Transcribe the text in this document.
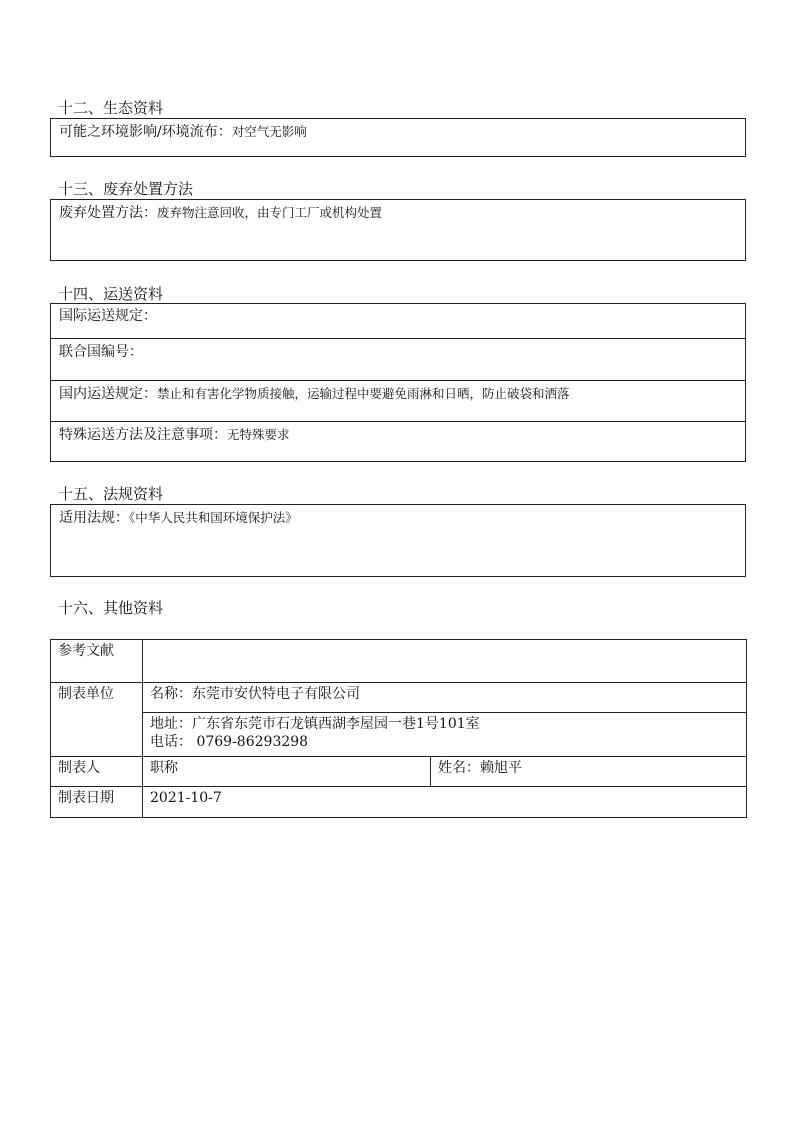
十二、生态资料
可能之环境影响/环境流布：对空气无影响
十三、废弃处置方法
废弃处置方法：废弃物注意回收，由专门工厂或机构处置
十四、运送资料
国际运送规定：
联合国编号：
国内运送规定：禁止和有害化学物质接触，运输过程中要避免雨淋和日晒，防止破袋和洒落
特殊运送方法及注意事项：无特殊要求
十五、法规资料
适用法规：《中华人民共和国环境保护法》
十六、其他资料
参考文献		
制表单位	名称：东莞市安伏特电子有限公司	

	地址：广东省东莞市石龙镇西湖李屋园一巷1号101室
电话： 0769-86293298	

制表人	职称	姓名：赖旭平
制表日期	2021-10-7	
